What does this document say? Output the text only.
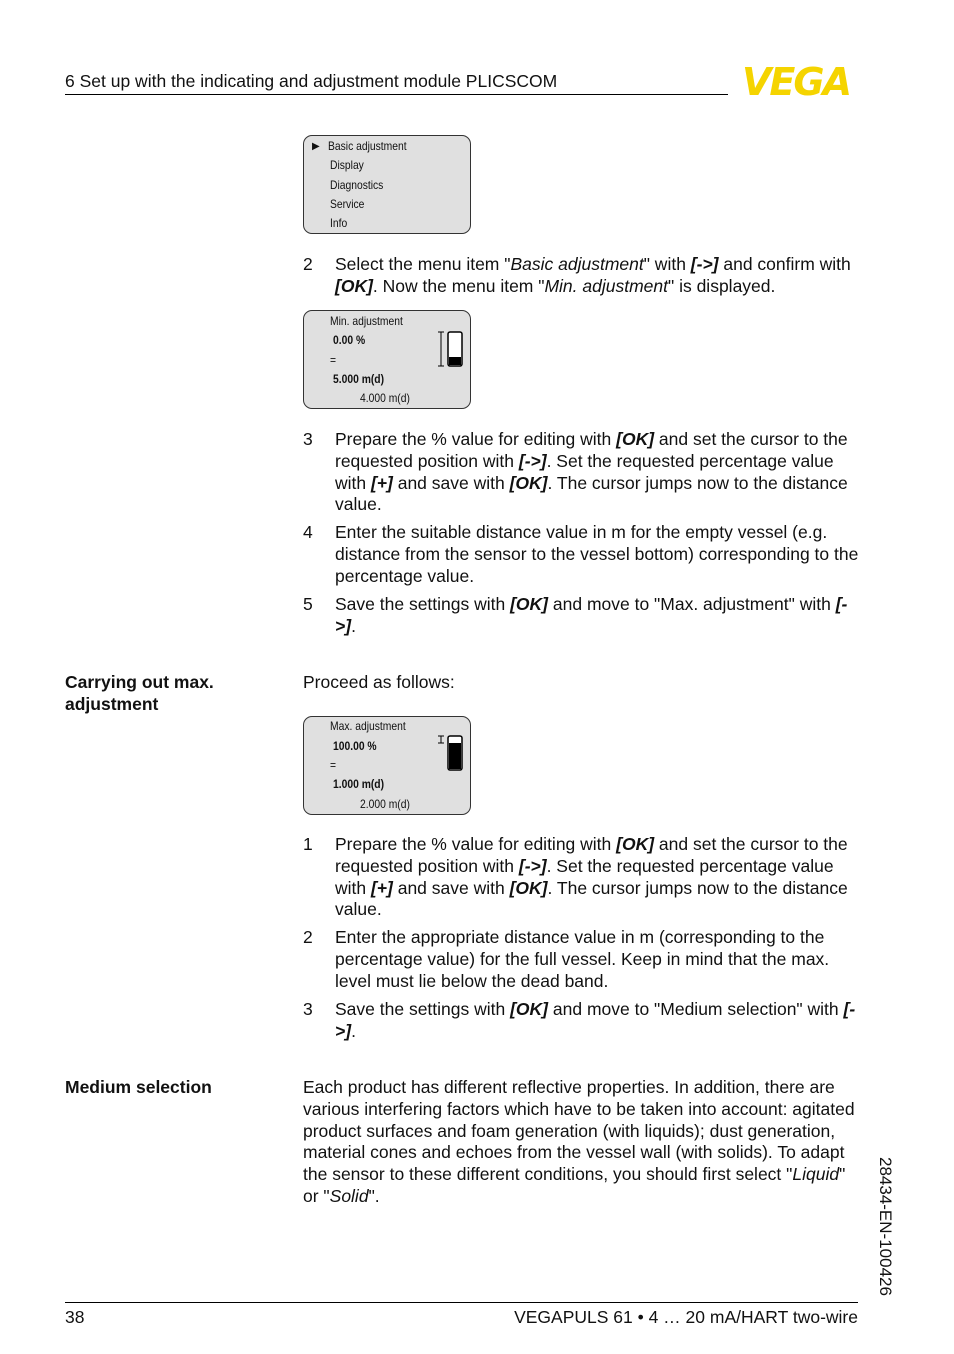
6 Set up with the indicating and adjustment module PLICSCOM	VEGA
▶ Basic adjustment
Display
Diagnostics
Service
Info
2 Select the menu item "Basic adjustment" with [->] and confirm with [OK]. Now the menu item "Min. adjustment" is displayed.
Min. adjustment
0.00 %
=
5.000 m(d)
4.000 m(d)
3 Prepare the % value for editing with [OK] and set the cursor to the requested position with [->]. Set the requested percentage value with [+] and save with [OK]. The cursor jumps now to the distance value.
4 Enter the suitable distance value in m for the empty vessel (e.g. distance from the sensor to the vessel bottom) corresponding to the percentage value.
5 Save the settings with [OK] and move to "Max. adjustment" with [->].
Carrying out max. adjustment
Proceed as follows:
Max. adjustment
100.00 %
=
1.000 m(d)
2.000 m(d)
1 Prepare the % value for editing with [OK] and set the cursor to the requested position with [->]. Set the requested percentage value with [+] and save with [OK]. The cursor jumps now to the distance value.
2 Enter the appropriate distance value in m (corresponding to the percentage value) for the full vessel. Keep in mind that the max. level must lie below the dead band.
3 Save the settings with [OK] and move to "Medium selection" with [->].
Medium selection	Each product has different reflective properties. In addition, there are various interfering factors which have to be taken into account: agitated product surfaces and foam generation (with liquids); dust generation, material cones and echoes from the vessel wall (with solids). To adapt the sensor to these different conditions, you should first select "Liquid" or "Solid".	28434-EN-100426
38	VEGAPULS 61 • 4 … 20 mA/HART two-wire
